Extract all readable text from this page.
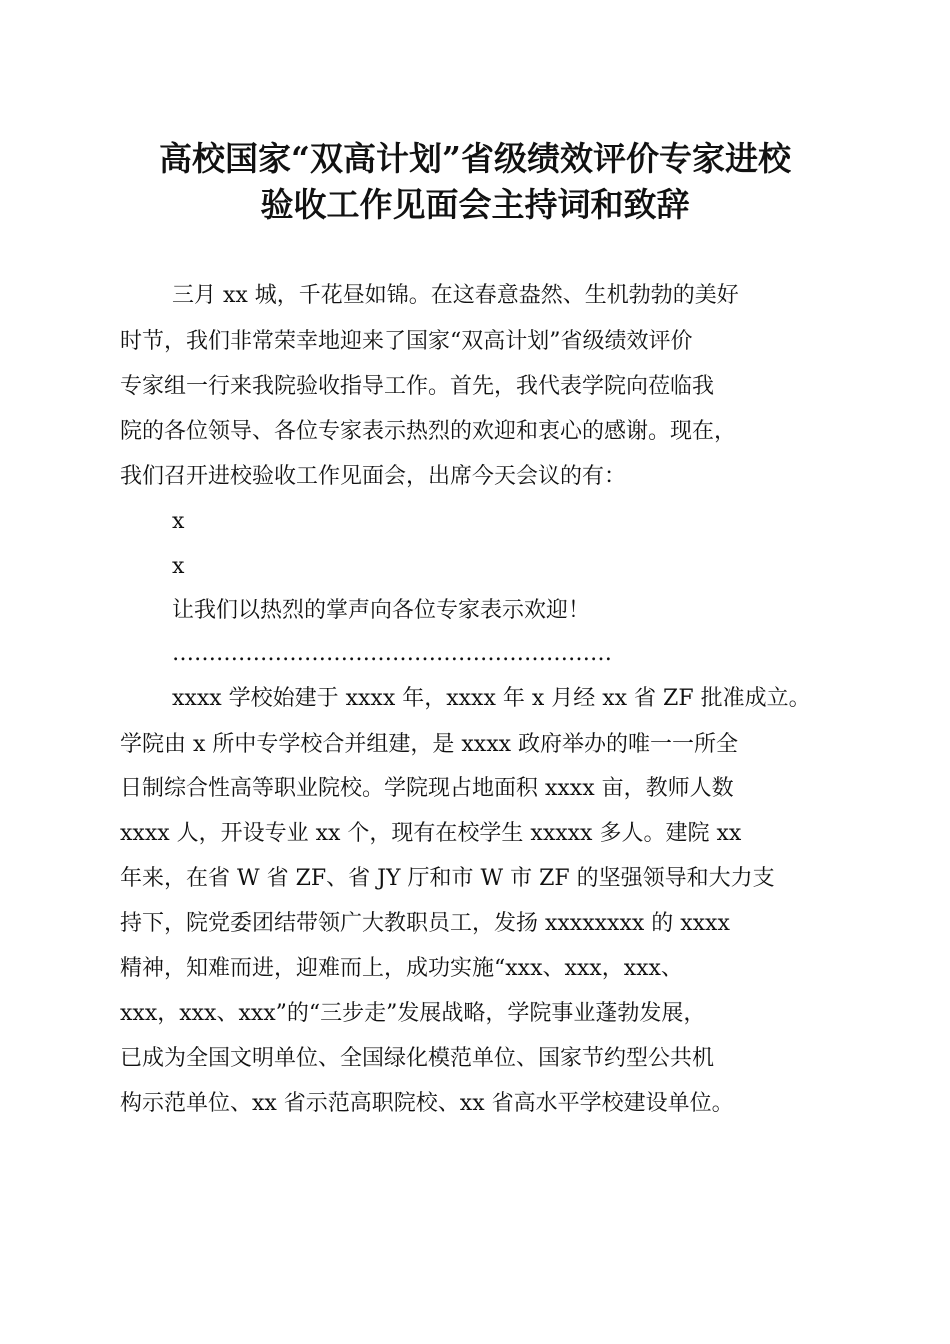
高校国家“双高计划”省级绩效评价专家进校
验收工作见面会主持词和致辞
三月 xx 城，千花昼如锦。在这春意盎然、生机勃勃的美好
时节，我们非常荣幸地迎来了国家“双高计划”省级绩效评价
专家组一行来我院验收指导工作。首先，我代表学院向莅临我
院的各位领导、各位专家表示热烈的欢迎和衷心的感谢。现在，
我们召开进校验收工作见面会，出席今天会议的有：
x
x
让我们以热烈的掌声向各位专家表示欢迎！
……………………………………………………
xxxx 学校始建于 xxxx 年，xxxx 年 x 月经 xx 省 ZF 批准成立。
学院由 x 所中专学校合并组建，是 xxxx 政府举办的唯一一所全
日制综合性高等职业院校。学院现占地面积 xxxx 亩，教师人数
xxxx 人，开设专业 xx 个，现有在校学生 xxxxx 多人。建院 xx
年来，在省 W 省 ZF、省 JY 厅和市 W 市 ZF 的坚强领导和大力支
持下，院党委团结带领广大教职员工，发扬 xxxxxxxx 的 xxxx
精神，知难而进，迎难而上，成功实施“xxx、xxx，xxx、
xxx，xxx、xxx”的“三步走”发展战略，学院事业蓬勃发展，
已成为全国文明单位、全国绿化模范单位、国家节约型公共机
构示范单位、xx 省示范高职院校、xx 省高水平学校建设单位。
